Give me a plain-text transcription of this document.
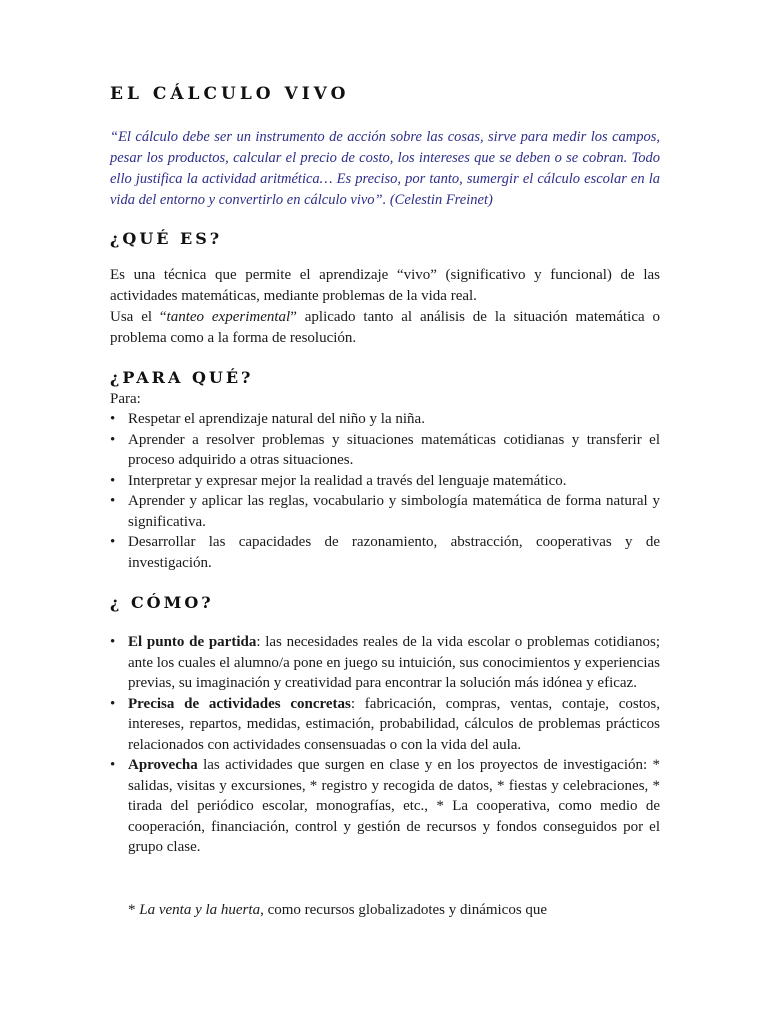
EL CÁLCULO VIVO

“El cálculo debe ser un instrumento de acción sobre las cosas, sirve para medir los campos, pesar los productos, calcular el precio de costo, los intereses que se deben o se cobran. Todo ello justifica la actividad aritmética… Es preciso, por tanto, sumergir el cálculo escolar en la vida del entorno y convertirlo en cálculo vivo”. (Celestin Freinet)

¿QUÉ ES?

Es una técnica que permite el aprendizaje “vivo” (significativo y funcional) de las actividades matemáticas, mediante problemas de la vida real.

Usa el “tanteo experimental” aplicado tanto al análisis de la situación matemática o problema como a la forma de resolución.

¿PARA QUÉ?

Para:

• Respetar el aprendizaje natural del niño y la niña.
• Aprender a resolver problemas y situaciones matemáticas cotidianas y transferir el proceso adquirido a otras situaciones.
• Interpretar y expresar mejor la realidad a través del lenguaje matemático.
• Aprender y aplicar las reglas, vocabulario y simbología matemática de forma natural y significativa.
• Desarrollar las capacidades de razonamiento, abstracción, cooperativas y de investigación.
¿ CÓMO?
• El punto de partida: las necesidades reales de la vida escolar o problemas cotidianos; ante los cuales el alumno/a pone en juego su intuición, sus conocimientos y experiencias previas, su imaginación y creatividad para encontrar la solución más idónea y eficaz.
• Precisa de actividades concretas: fabricación, compras, ventas, contaje, costos, intereses, repartos, medidas, estimación, probabilidad, cálculos de problemas prácticos relacionados con actividades consensuadas o con la vida del aula.
• Aprovecha las actividades que surgen en clase y en los proyectos de investigación: * salidas, visitas y excursiones, * registro y recogida de datos, * fiestas y celebraciones, * tirada del periódico escolar, monografías, etc., * La cooperativa, como medio de cooperación, financiación, control y gestión de recursos y fondos conseguidos por el grupo clase.

* La venta y la huerta, como recursos globalizadotes y dinámicos que
